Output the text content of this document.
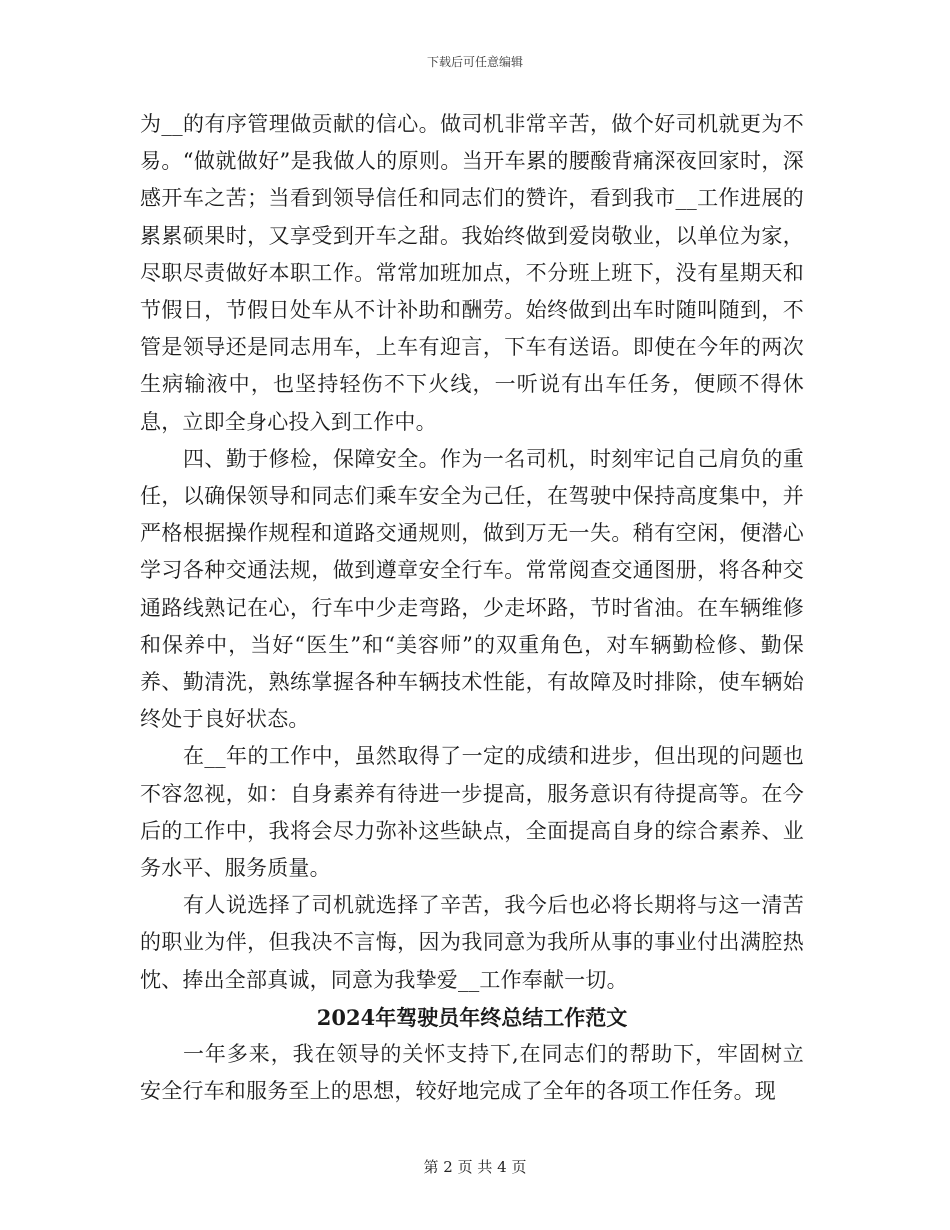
下载后可任意编辑

为__的有序管理做贡献的信心。做司机非常辛苦，做个好司机就更为不易。“做就做好”是我做人的原则。当开车累的腰酸背痛深夜回家时，深感开车之苦；当看到领导信任和同志们的赞许，看到我市__工作进展的累累硕果时，又享受到开车之甜。我始终做到爱岗敬业，以单位为家，尽职尽责做好本职工作。常常加班加点，不分班上班下，没有星期天和节假日，节假日处车从不计补助和酬劳。始终做到出车时随叫随到，不管是领导还是同志用车，上车有迎言，下车有送语。即使在今年的两次生病输液中，也坚持轻伤不下火线，一听说有出车任务，便顾不得休息，立即全身心投入到工作中。

四、勤于修检，保障安全。作为一名司机，时刻牢记自己肩负的重任，以确保领导和同志们乘车安全为己任，在驾驶中保持高度集中，并严格根据操作规程和道路交通规则，做到万无一失。稍有空闲，便潜心学习各种交通法规，做到遵章安全行车。常常阅查交通图册，将各种交通路线熟记在心，行车中少走弯路，少走坏路，节时省油。在车辆维修和保养中，当好“医生”和“美容师”的双重角色，对车辆勤检修、勤保养、勤清洗，熟练掌握各种车辆技术性能，有故障及时排除，使车辆始终处于良好状态。

在__年的工作中，虽然取得了一定的成绩和进步，但出现的问题也不容忽视，如：自身素养有待进一步提高，服务意识有待提高等。在今后的工作中，我将会尽力弥补这些缺点，全面提高自身的综合素养、业务水平、服务质量。

有人说选择了司机就选择了辛苦，我今后也必将长期将与这一清苦的职业为伴，但我决不言悔，因为我同意为我所从事的事业付出满腔热忱、捧出全部真诚，同意为我挚爱__工作奉献一切。

2024年驾驶员年终总结工作范文

一年多来，我在领导的关怀支持下,在同志们的帮助下，牢固树立安全行车和服务至上的思想，较好地完成了全年的各项工作任务。现

第 2 页 共 4 页
